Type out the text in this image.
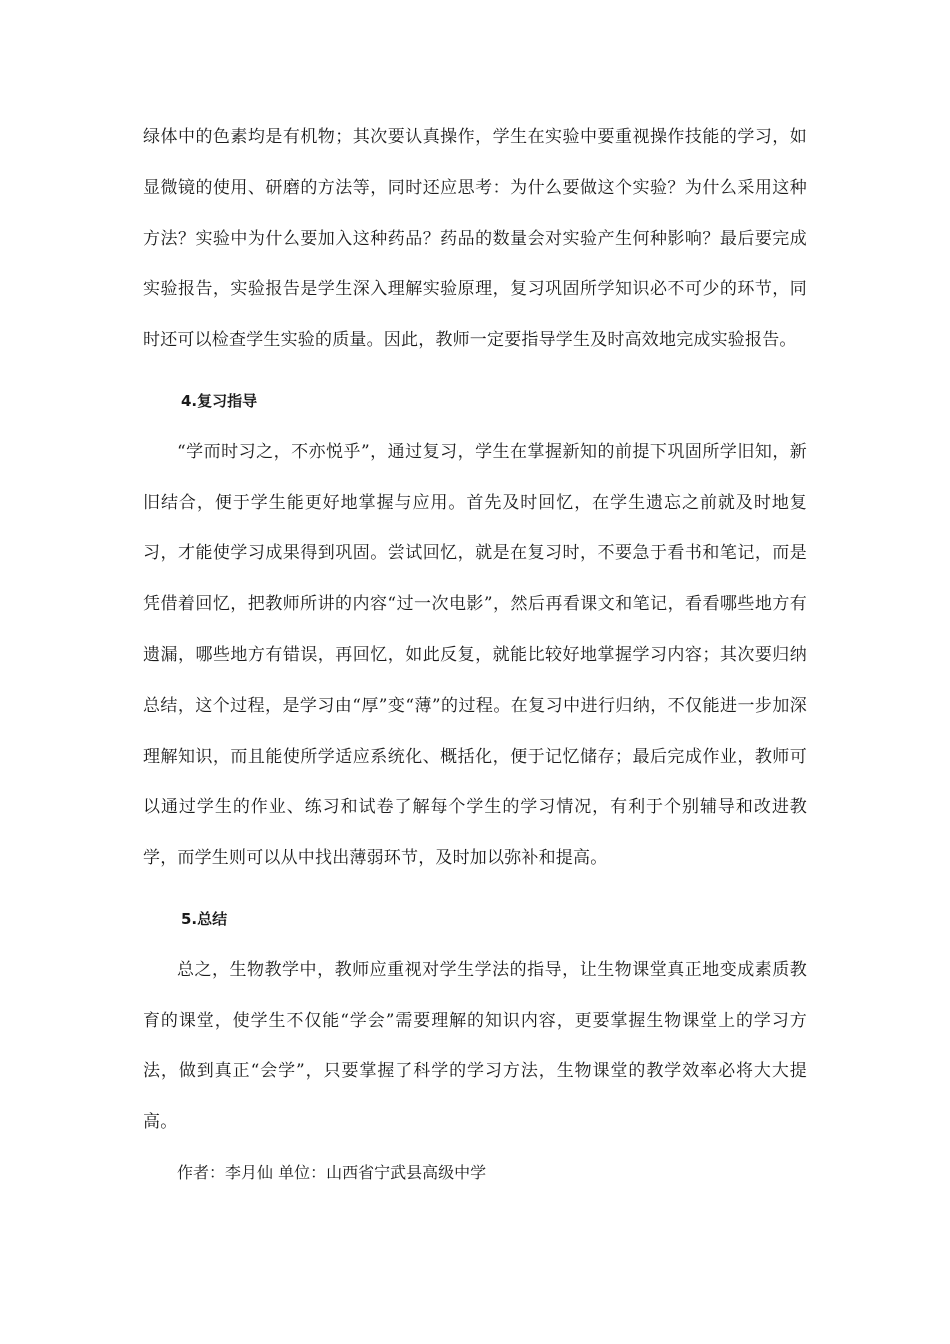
绿体中的色素均是有机物；其次要认真操作，学生在实验中要重视操作技能的学习，如显微镜的使用、研磨的方法等，同时还应思考：为什么要做这个实验？为什么采用这种方法？实验中为什么要加入这种药品？药品的数量会对实验产生何种影响？最后要完成实验报告，实验报告是学生深入理解实验原理，复习巩固所学知识必不可少的环节，同时还可以检查学生实验的质量。因此，教师一定要指导学生及时高效地完成实验报告。

4.复习指导

“学而时习之，不亦悦乎”，通过复习，学生在掌握新知的前提下巩固所学旧知，新旧结合，便于学生能更好地掌握与应用。首先及时回忆，在学生遗忘之前就及时地复习，才能使学习成果得到巩固。尝试回忆，就是在复习时，不要急于看书和笔记，而是凭借着回忆，把教师所讲的内容“过一次电影”，然后再看课文和笔记，看看哪些地方有遗漏，哪些地方有错误，再回忆，如此反复，就能比较好地掌握学习内容；其次要归纳总结，这个过程，是学习由“厚”变“薄”的过程。在复习中进行归纳，不仅能进一步加深理解知识，而且能使所学适应系统化、概括化，便于记忆储存；最后完成作业，教师可以通过学生的作业、练习和试卷了解每个学生的学习情况，有利于个别辅导和改进教学，而学生则可以从中找出薄弱环节，及时加以弥补和提高。

5.总结

总之，生物教学中，教师应重视对学生学法的指导，让生物课堂真正地变成素质教育的课堂，使学生不仅能“学会”需要理解的知识内容，更要掌握生物课堂上的学习方法，做到真正“会学”，只要掌握了科学的学习方法，生物课堂的教学效率必将大大提高。

作者：李月仙 单位：山西省宁武县高级中学
